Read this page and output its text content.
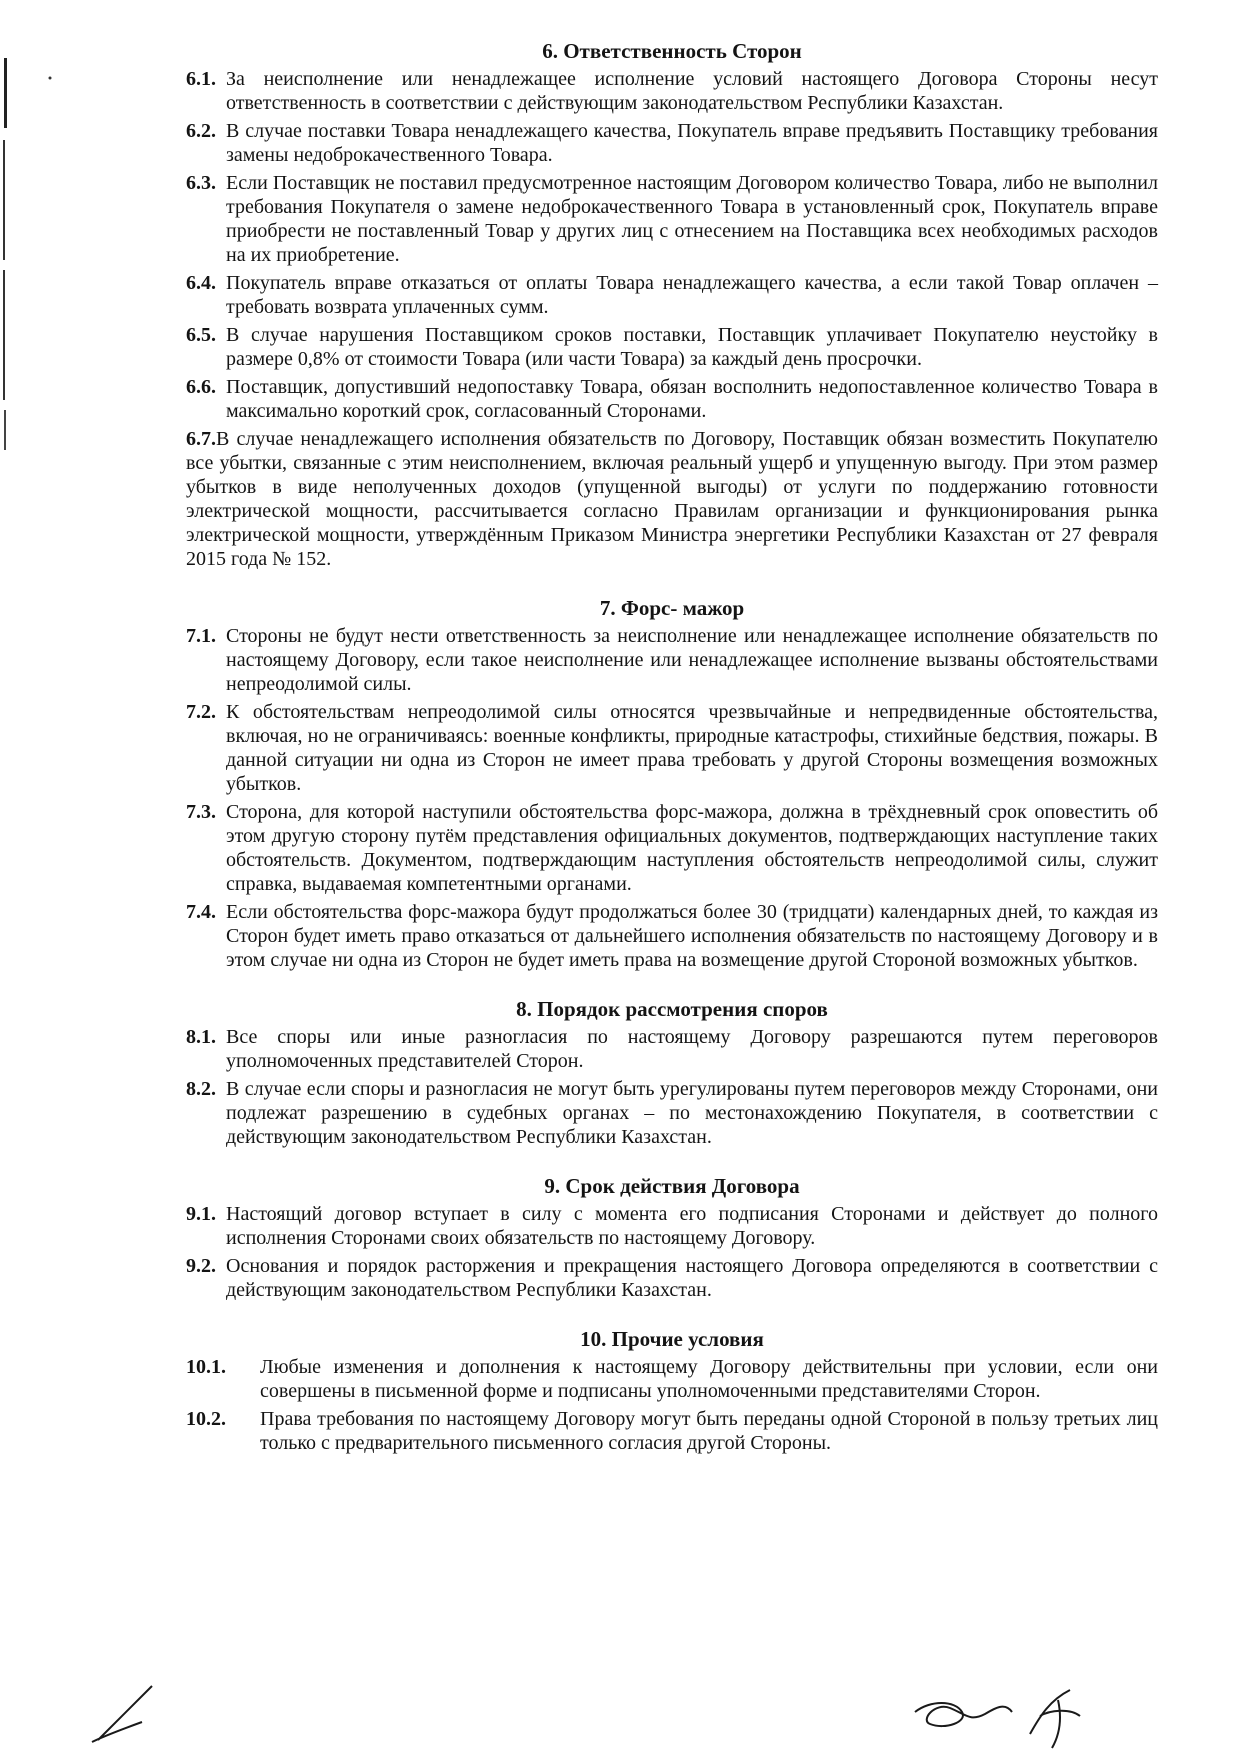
6. Ответственность Сторон
6.1. За неисполнение или ненадлежащее исполнение условий настоящего Договора Стороны несут ответственность в соответствии с действующим законодательством Республики Казахстан.
6.2. В случае поставки Товара ненадлежащего качества, Покупатель вправе предъявить Поставщику требования замены недоброкачественного Товара.
6.3. Если Поставщик не поставил предусмотренное настоящим Договором количество Товара, либо не выполнил требования Покупателя о замене недоброкачественного Товара в установленный срок, Покупатель вправе приобрести не поставленный Товар у других лиц с отнесением на Поставщика всех необходимых расходов на их приобретение.
6.4. Покупатель вправе отказаться от оплаты Товара ненадлежащего качества, а если такой Товар оплачен – требовать возврата уплаченных сумм.
6.5. В случае нарушения Поставщиком сроков поставки, Поставщик уплачивает Покупателю неустойку в размере 0,8% от стоимости Товара (или части Товара) за каждый день просрочки.
6.6. Поставщик, допустивший недопоставку Товара, обязан восполнить недопоставленное количество Товара в максимально короткий срок, согласованный Сторонами.
6.7.В случае ненадлежащего исполнения обязательств по Договору, Поставщик обязан возместить Покупателю все убытки, связанные с этим неисполнением, включая реальный ущерб и упущенную выгоду. При этом размер убытков в виде неполученных доходов (упущенной выгоды) от услуги по поддержанию готовности электрической мощности, рассчитывается согласно Правилам организации и функционирования рынка электрической мощности, утверждённым Приказом Министра энергетики Республики Казахстан от 27 февраля 2015 года № 152.
7. Форс- мажор
7.1. Стороны не будут нести ответственность за неисполнение или ненадлежащее исполнение обязательств по настоящему Договору, если такое неисполнение или ненадлежащее исполнение вызваны обстоятельствами непреодолимой силы.
7.2. К обстоятельствам непреодолимой силы относятся чрезвычайные и непредвиденные обстоятельства, включая, но не ограничиваясь: военные конфликты, природные катастрофы, стихийные бедствия, пожары. В данной ситуации ни одна из Сторон не имеет права требовать у другой Стороны возмещения возможных убытков.
7.3. Сторона, для которой наступили обстоятельства форс-мажора, должна в трёхдневный срок оповестить об этом другую сторону путём представления официальных документов, подтверждающих наступление таких обстоятельств. Документом, подтверждающим наступления обстоятельств непреодолимой силы, служит справка, выдаваемая компетентными органами.
7.4. Если обстоятельства форс-мажора будут продолжаться более 30 (тридцати) календарных дней, то каждая из Сторон будет иметь право отказаться от дальнейшего исполнения обязательств по настоящему Договору и в этом случае ни одна из Сторон не будет иметь права на возмещение другой Стороной возможных убытков.
8. Порядок рассмотрения споров
8.1. Все споры или иные разногласия по настоящему Договору разрешаются путем переговоров уполномоченных представителей Сторон.
8.2. В случае если споры и разногласия не могут быть урегулированы путем переговоров между Сторонами, они подлежат разрешению в судебных органах – по местонахождению Покупателя, в соответствии с действующим законодательством Республики Казахстан.
9. Срок действия Договора
9.1. Настоящий договор вступает в силу с момента его подписания Сторонами и действует до полного исполнения Сторонами своих обязательств по настоящему Договору.
9.2. Основания и порядок расторжения и прекращения настоящего Договора определяются в соответствии с действующим законодательством Республики Казахстан.
10. Прочие условия
10.1.	Любые изменения и дополнения к настоящему Договору действительны при условии, если они совершены в письменной форме и подписаны уполномоченными представителями Сторон.
10.2.	Права требования по настоящему Договору могут быть переданы одной Стороной в пользу третьих лиц только с предварительного письменного согласия другой Стороны.
